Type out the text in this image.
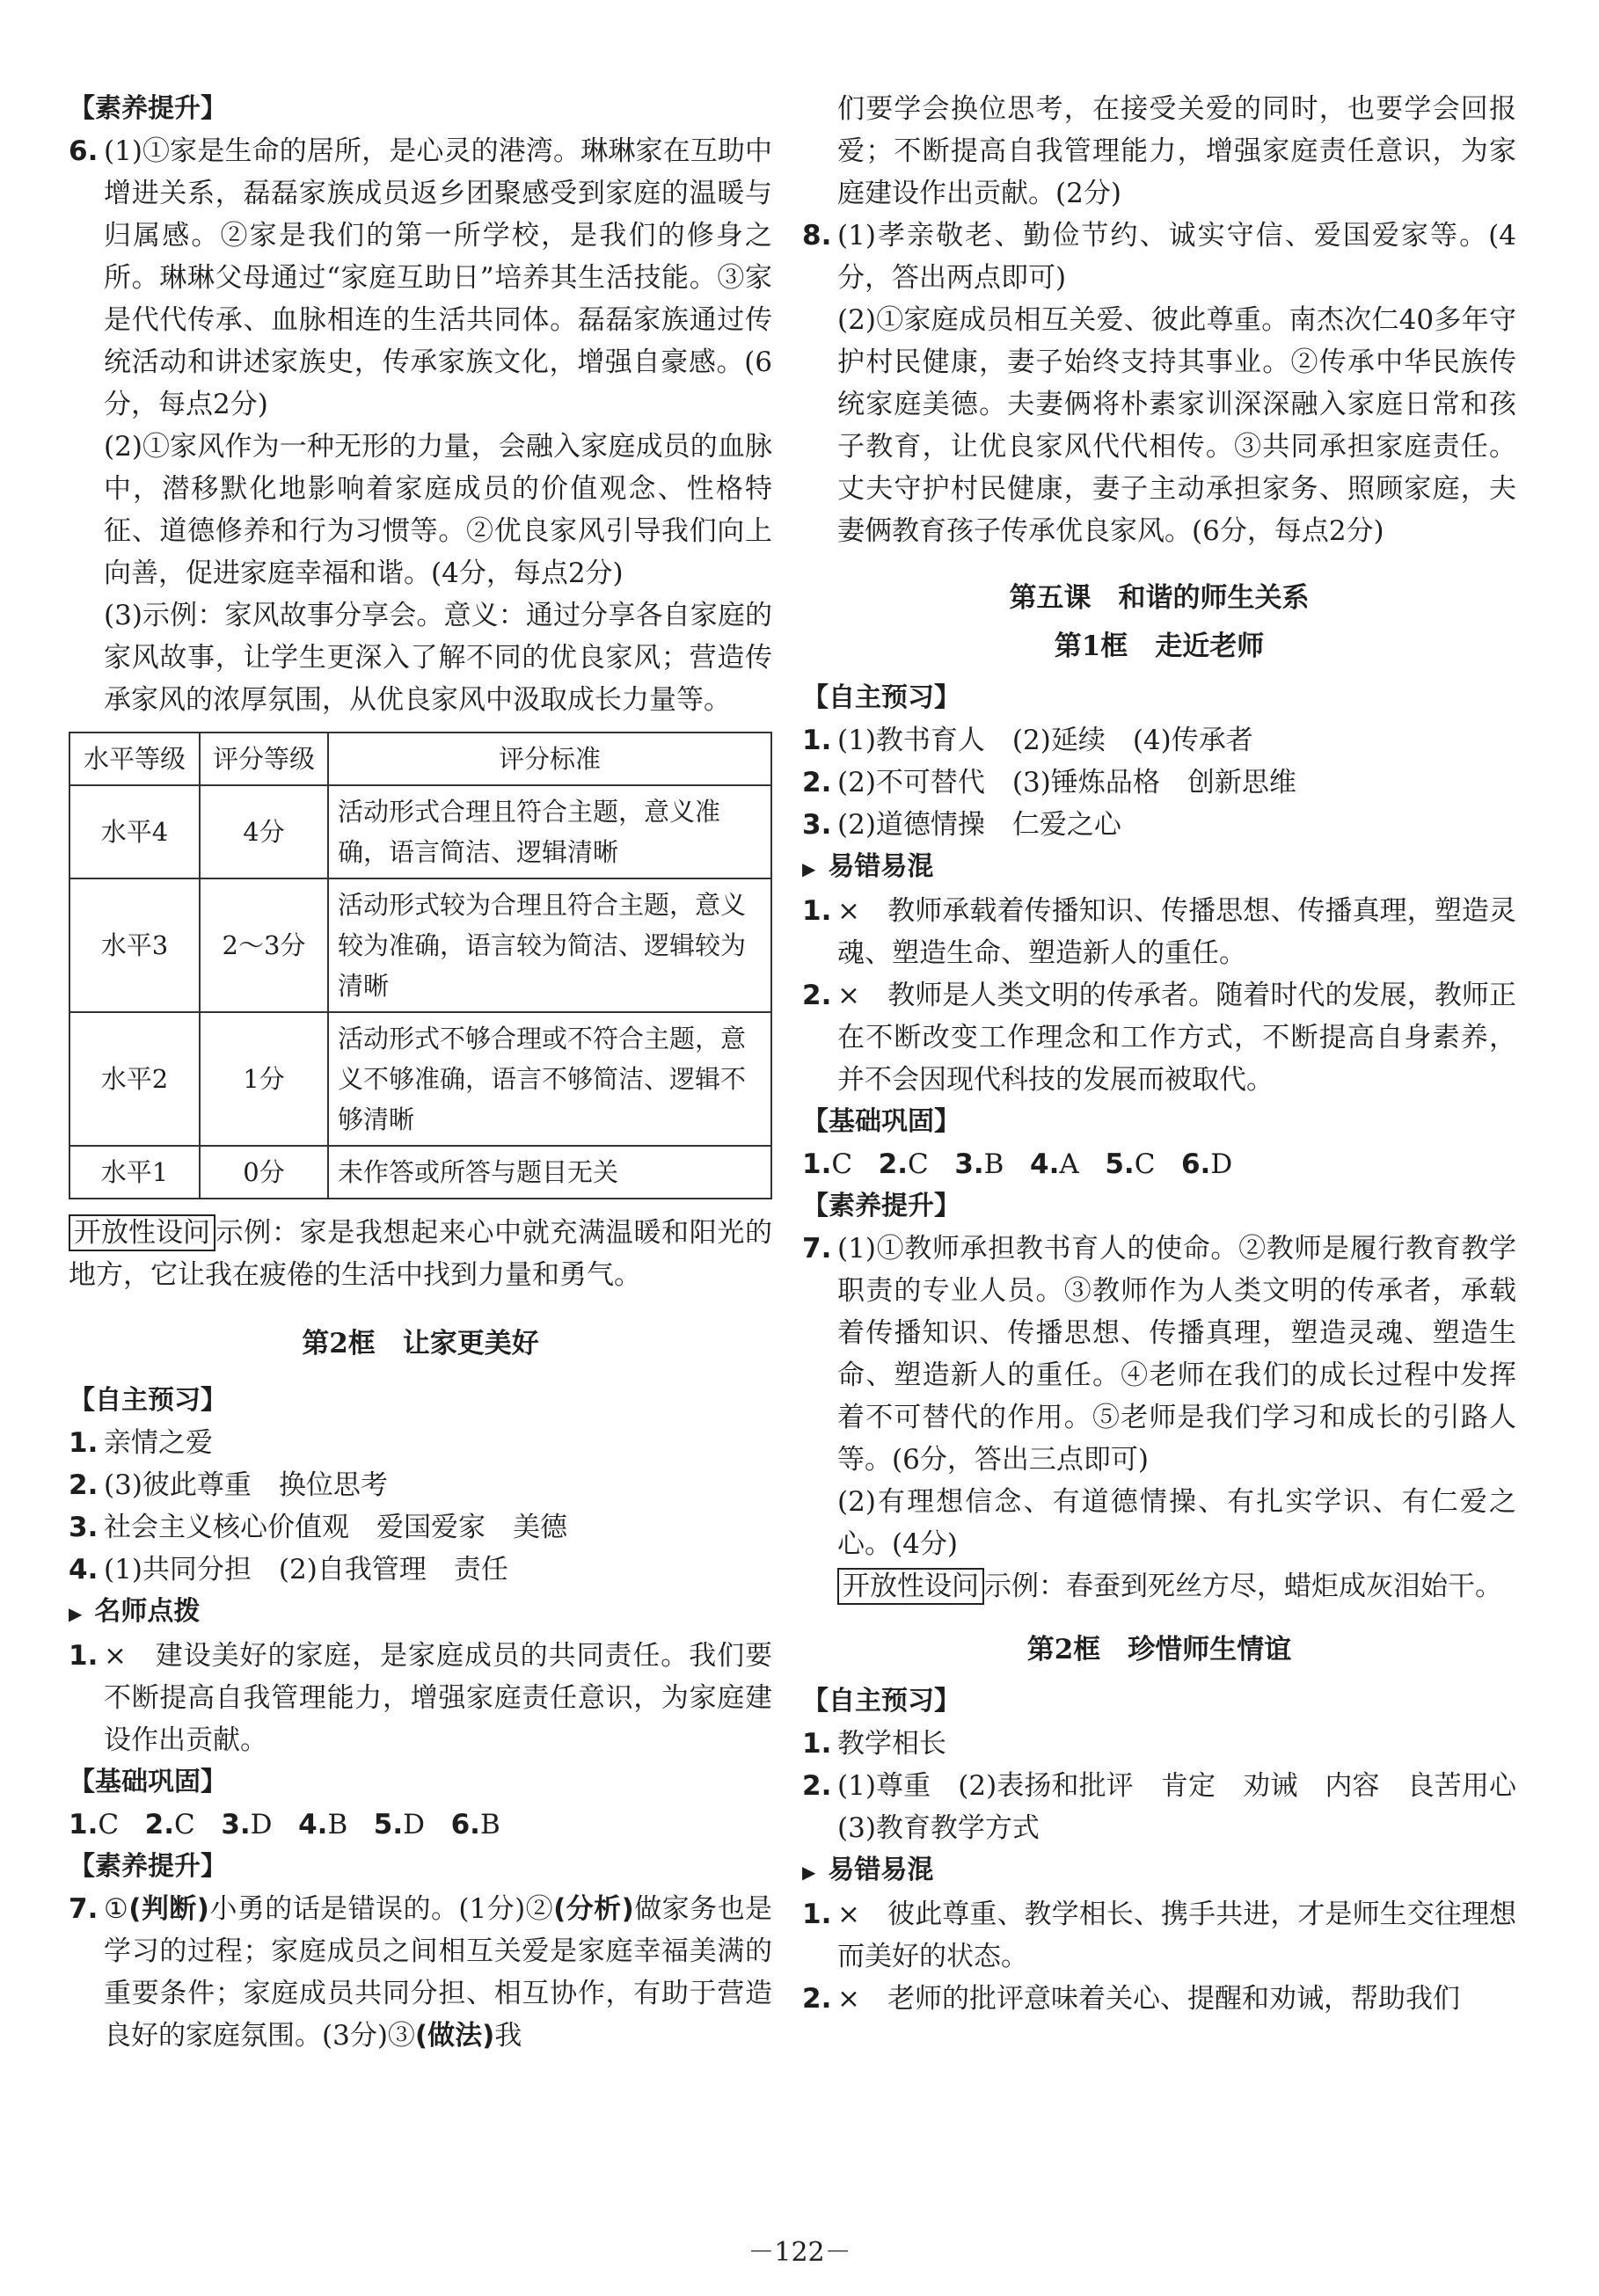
【素养提升】

6. (1)①家是生命的居所，是心灵的港湾。琳琳家在互助中增进关系，磊磊家族成员返乡团聚感受到家庭的温暖与归属感。②家是我们的第一所学校，是我们的修身之所。琳琳父母通过“家庭互助日”培养其生活技能。③家是代代传承、血脉相连的生活共同体。磊磊家族通过传统活动和讲述家族史，传承家族文化，增强自豪感。(6分，每点2分)
(2)①家风作为一种无形的力量，会融入家庭成员的血脉中，潜移默化地影响着家庭成员的价值观念、性格特征、道德修养和行为习惯等。②优良家风引导我们向上向善，促进家庭幸福和谐。(4分，每点2分)
(3)示例：家风故事分享会。意义：通过分享各自家庭的家风故事，让学生更深入了解不同的优良家风；营造传承家风的浓厚氛围，从优良家风中汲取成长力量等。
水平等级	评分等级	评分标准
水平4	4分	活动形式合理且符合主题，意义准确，语言简洁、逻辑清晰
水平3	2～3分	活动形式较为合理且符合主题，意义较为准确，语言较为简洁、逻辑较为清晰
水平2	1分	活动形式不够合理或不符合主题，意义不够准确，语言不够简洁、逻辑不够清晰
水平1	0分	未作答或所答与题目无关

开放性设问 示例：家是我想起来心中就充满温暖和阳光的地方，它让我在疲倦的生活中找到力量和勇气。

第2框　让家更美好

【自主预习】

1. 亲情之爱
2. (3)彼此尊重　换位思考
3. 社会主义核心价值观　爱国爱家　美德
4. (1)共同分担　(2)自我管理　责任
▶ 名师点拨
1. ×　建设美好的家庭，是家庭成员的共同责任。我们要不断提高自我管理能力，增强家庭责任意识，为家庭建设作出贡献。

【基础巩固】

1.C 2.C 3.D 4.B 5.D 6.B

【素养提升】

7. ①(判断)小勇的话是错误的。(1分)②(分析)做家务也是学习的过程；家庭成员之间相互关爱是家庭幸福美满的重要条件；家庭成员共同分担、相互协作，有助于营造良好的家庭氛围。(3分)③(做法)我
们要学会换位思考，在接受关爱的同时，也要学会回报爱；不断提高自我管理能力，增强家庭责任意识，为家庭建设作出贡献。(2分)
8. (1)孝亲敬老、勤俭节约、诚实守信、爱国爱家等。(4分，答出两点即可)
(2)①家庭成员相互关爱、彼此尊重。南杰次仁40多年守护村民健康，妻子始终支持其事业。②传承中华民族传统家庭美德。夫妻俩将朴素家训深深融入家庭日常和孩子教育，让优良家风代代相传。③共同承担家庭责任。丈夫守护村民健康，妻子主动承担家务、照顾家庭，夫妻俩教育孩子传承优良家风。(6分，每点2分)

第五课　和谐的师生关系

第1框　走近老师

【自主预习】

1. (1)教书育人　(2)延续　(4)传承者
2. (2)不可替代　(3)锤炼品格　创新思维
3. (2)道德情操　仁爱之心
▶ 易错易混
1. ×　教师承载着传播知识、传播思想、传播真理，塑造灵魂、塑造生命、塑造新人的重任。
2. ×　教师是人类文明的传承者。随着时代的发展，教师正在不断改变工作理念和工作方式，不断提高自身素养，并不会因现代科技的发展而被取代。

【基础巩固】

1.C 2.C 3.B 4.A 5.C 6.D

【素养提升】

7. (1)①教师承担教书育人的使命。②教师是履行教育教学职责的专业人员。③教师作为人类文明的传承者，承载着传播知识、传播思想、传播真理，塑造灵魂、塑造生命、塑造新人的重任。④老师在我们的成长过程中发挥着不可替代的作用。⑤老师是我们学习和成长的引路人等。(6分，答出三点即可)
(2)有理想信念、有道德情操、有扎实学识、有仁爱之心。(4分)
开放性设问 示例：春蚕到死丝方尽，蜡炬成灰泪始干。

第2框　珍惜师生情谊

【自主预习】

1. 教学相长
2. (1)尊重　(2)表扬和批评　肯定　劝诫　内容　良苦用心　(3)教育教学方式
▶ 易错易混
1. ×　彼此尊重、教学相长、携手共进，才是师生交往理想而美好的状态。
2. ×　老师的批评意味着关心、提醒和劝诫，帮助我们
－122－
